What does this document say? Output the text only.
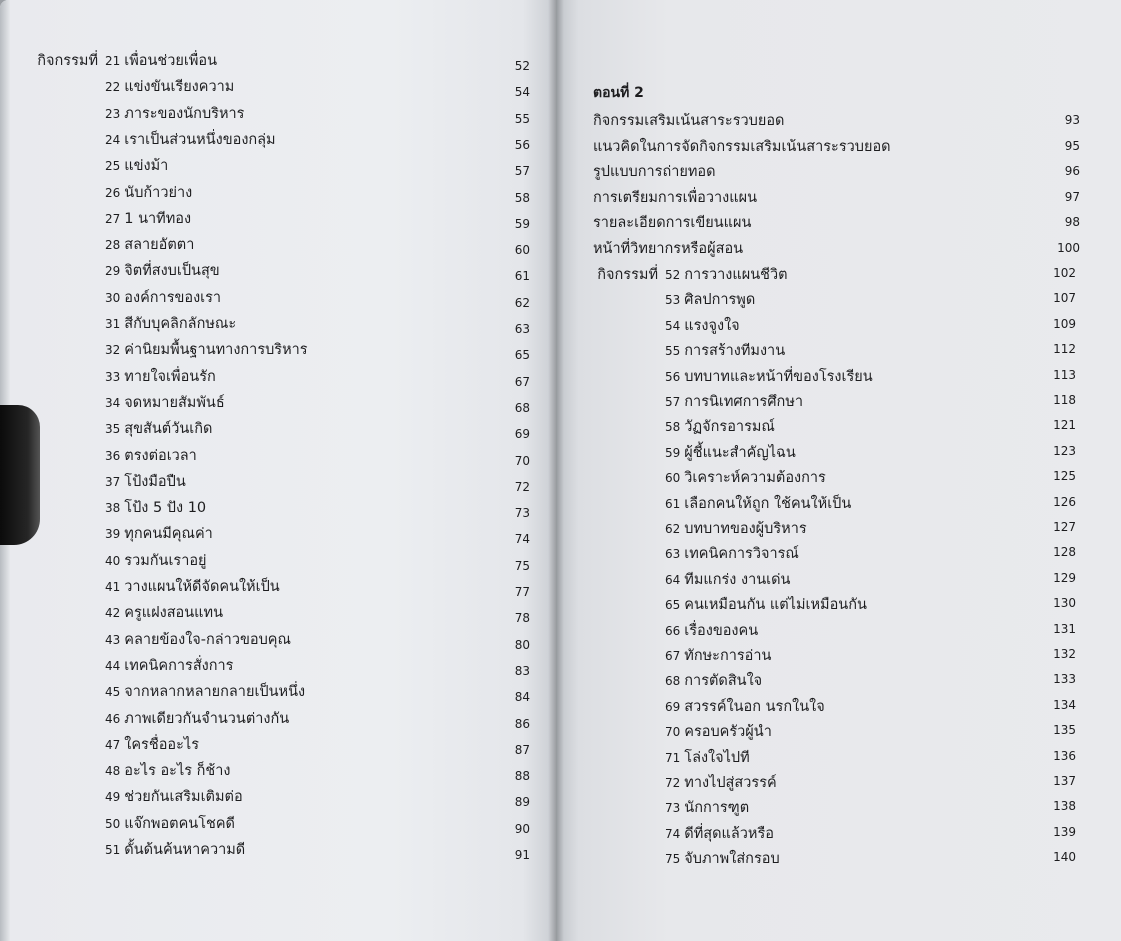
กิจกรรมที่ 21 เพื่อนช่วยเพื่อน	52
22 แข่งขันเรียงความ	54
23 ภาระของนักบริหาร	55
24 เราเป็นส่วนหนึ่งของกลุ่ม	56
25 แข่งม้า	57
26 นับก้าวย่าง	58
27 1 นาทีทอง	59
28 สลายอัตตา	60
29 จิตที่สงบเป็นสุข	61
30 องค์การของเรา	62
31 สีกับบุคลิกลักษณะ	63
32 ค่านิยมพื้นฐานทางการบริหาร	65
33 ทายใจเพื่อนรัก	67
34 จดหมายสัมพันธ์	68
35 สุขสันต์วันเกิด	69
36 ตรงต่อเวลา	70
37 โป้งมือปืน	72
38 โป้ง 5 ปัง 10	73
39 ทุกคนมีคุณค่า	74
40 รวมกันเราอยู่	75
41 วางแผนให้ดีจัดคนให้เป็น	77
42 ครูแฝงสอนแทน	78
43 คลายข้องใจ-กล่าวขอบคุณ	80
44 เทคนิคการสั่งการ	83
45 จากหลากหลายกลายเป็นหนึ่ง	84
46 ภาพเดียวกันจำนวนต่างกัน	86
47 ใครชื่ออะไร	87
48 อะไร อะไร ก็ช้าง	88
49 ช่วยกันเสริมเติมต่อ	89
50 แจ๊กพอตคนโชคดี	90
51 ดั้นด้นค้นหาความดี	91
ตอนที่ 2
กิจกรรมเสริมเน้นสาระรวบยอด	93
แนวคิดในการจัดกิจกรรมเสริมเน้นสาระรวบยอด	95
รูปแบบการถ่ายทอด	96
การเตรียมการเพื่อวางแผน	97
รายละเอียดการเขียนแผน	98
หน้าที่วิทยากรหรือผู้สอน	100
กิจกรรมที่ 52 การวางแผนชีวิต	102
53 ศิลปการพูด	107
54 แรงจูงใจ	109
55 การสร้างทีมงาน	112
56 บทบาทและหน้าที่ของโรงเรียน	113
57 การนิเทศการศึกษา	118
58 วัฏจักรอารมณ์	121
59 ผู้ชี้แนะสำคัญไฉน	123
60 วิเคราะห์ความต้องการ	125
61 เลือกคนให้ถูก ใช้คนให้เป็น	126
62 บทบาทของผู้บริหาร	127
63 เทคนิคการวิจารณ์	128
64 ทีมแกร่ง งานเด่น	129
65 คนเหมือนกัน แต่ไม่เหมือนกัน	130
66 เรื่องของคน	131
67 ทักษะการอ่าน	132
68 การตัดสินใจ	133
69 สวรรค์ในอก นรกในใจ	134
70 ครอบครัวผู้นำ	135
71 โล่งใจไปที	136
72 ทางไปสู่สวรรค์	137
73 นักการฑูต	138
74 ดีที่สุดแล้วหรือ	139
75 จับภาพใส่กรอบ	140
